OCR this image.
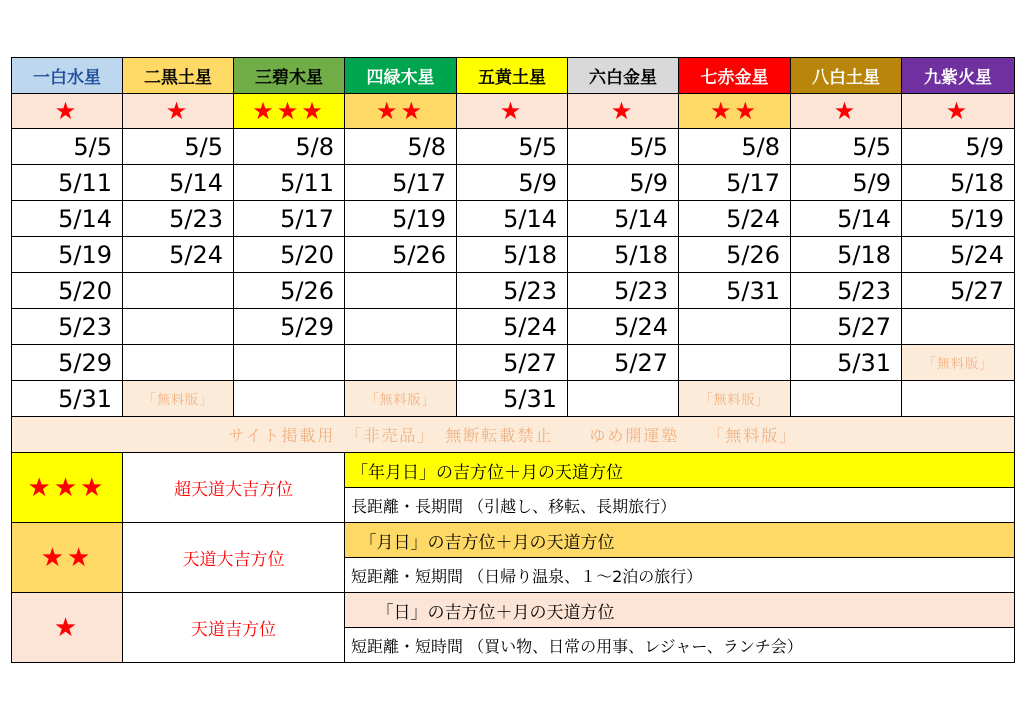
一白水星	二黒土星	三碧木星	四緑木星	五黄土星	六白金星	七赤金星	八白土星	九紫火星
★	★	★★★	★★	★	★	★★	★	★
5/5	5/5	5/8	5/8	5/5	5/5	5/8	5/5	5/9
5/11	5/14	5/11	5/17	5/9	5/9	5/17	5/9	5/18
5/14	5/23	5/17	5/19	5/14	5/14	5/24	5/14	5/19
5/19	5/24	5/20	5/26	5/18	5/18	5/26	5/18	5/24
5/20		5/26		5/23	5/23	5/31	5/23	5/27
5/23		5/29		5/24	5/24		5/27	
5/29				5/27	5/27		5/31	「無料版」
5/31	「無料版」		「無料版」	5/31		「無料版」		
サイト掲載用　「非売品」　無断転載禁止　　ゆめ開運塾　　「無料版」								
★★★	超天道大吉方位		「年月日」の吉方位＋月の天道方位					
			長距離・長期間 （引越し、移転、長期旅行）					
★★	天道大吉方位		　「月日」の吉方位＋月の天道方位					
			短距離・短期間 （日帰り温泉、１～2泊の旅行）					
★	天道吉方位		　　「日」の吉方位＋月の天道方位					
			短距離・短時間 （買い物、日常の用事、レジャー、ランチ会）					
